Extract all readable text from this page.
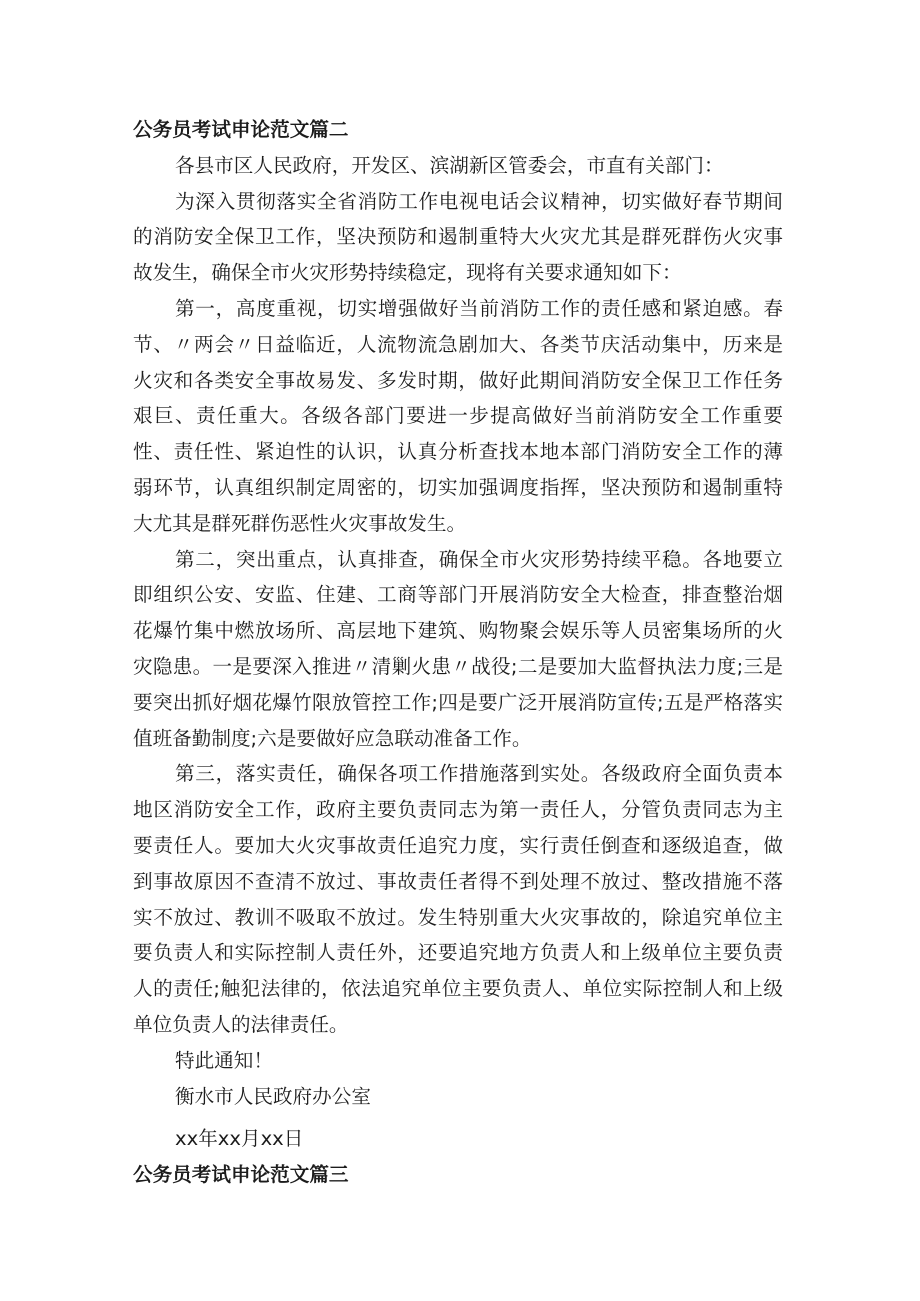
公务员考试申论范文篇二
各县市区人民政府，开发区、滨湖新区管委会，市直有关部门：
为深入贯彻落实全省消防工作电视电话会议精神，切实做好春节期间
的消防安全保卫工作，坚决预防和遏制重特大火灾尤其是群死群伤火灾事
故发生，确保全市火灾形势持续稳定，现将有关要求通知如下：
第一，高度重视，切实增强做好当前消防工作的责任感和紧迫感。春
节、〃两会〃日益临近，人流物流急剧加大、各类节庆活动集中，历来是
火灾和各类安全事故易发、多发时期，做好此期间消防安全保卫工作任务
艰巨、责任重大。各级各部门要进一步提高做好当前消防安全工作重要
性、责任性、紧迫性的认识，认真分析查找本地本部门消防安全工作的薄
弱环节，认真组织制定周密的，切实加强调度指挥，坚决预防和遏制重特
大尤其是群死群伤恶性火灾事故发生。
第二，突出重点，认真排查，确保全市火灾形势持续平稳。各地要立
即组织公安、安监、住建、工商等部门开展消防安全大检查，排查整治烟
花爆竹集中燃放场所、高层地下建筑、购物聚会娱乐等人员密集场所的火
灾隐患。一是要深入推进〃清剿火患〃战役;二是要加大监督执法力度;三是
要突出抓好烟花爆竹限放管控工作;四是要广泛开展消防宣传;五是严格落实
值班备勤制度;六是要做好应急联动准备工作。
第三，落实责任，确保各项工作措施落到实处。各级政府全面负责本
地区消防安全工作，政府主要负责同志为第一责任人，分管负责同志为主
要责任人。要加大火灾事故责任追究力度，实行责任倒查和逐级追查，做
到事故原因不查清不放过、事故责任者得不到处理不放过、整改措施不落
实不放过、教训不吸取不放过。发生特别重大火灾事故的，除追究单位主
要负责人和实际控制人责任外，还要追究地方负责人和上级单位主要负责
人的责任;触犯法律的，依法追究单位主要负责人、单位实际控制人和上级
单位负责人的法律责任。
特此通知！
衡水市人民政府办公室
xx年xx月xx日
公务员考试申论范文篇三
